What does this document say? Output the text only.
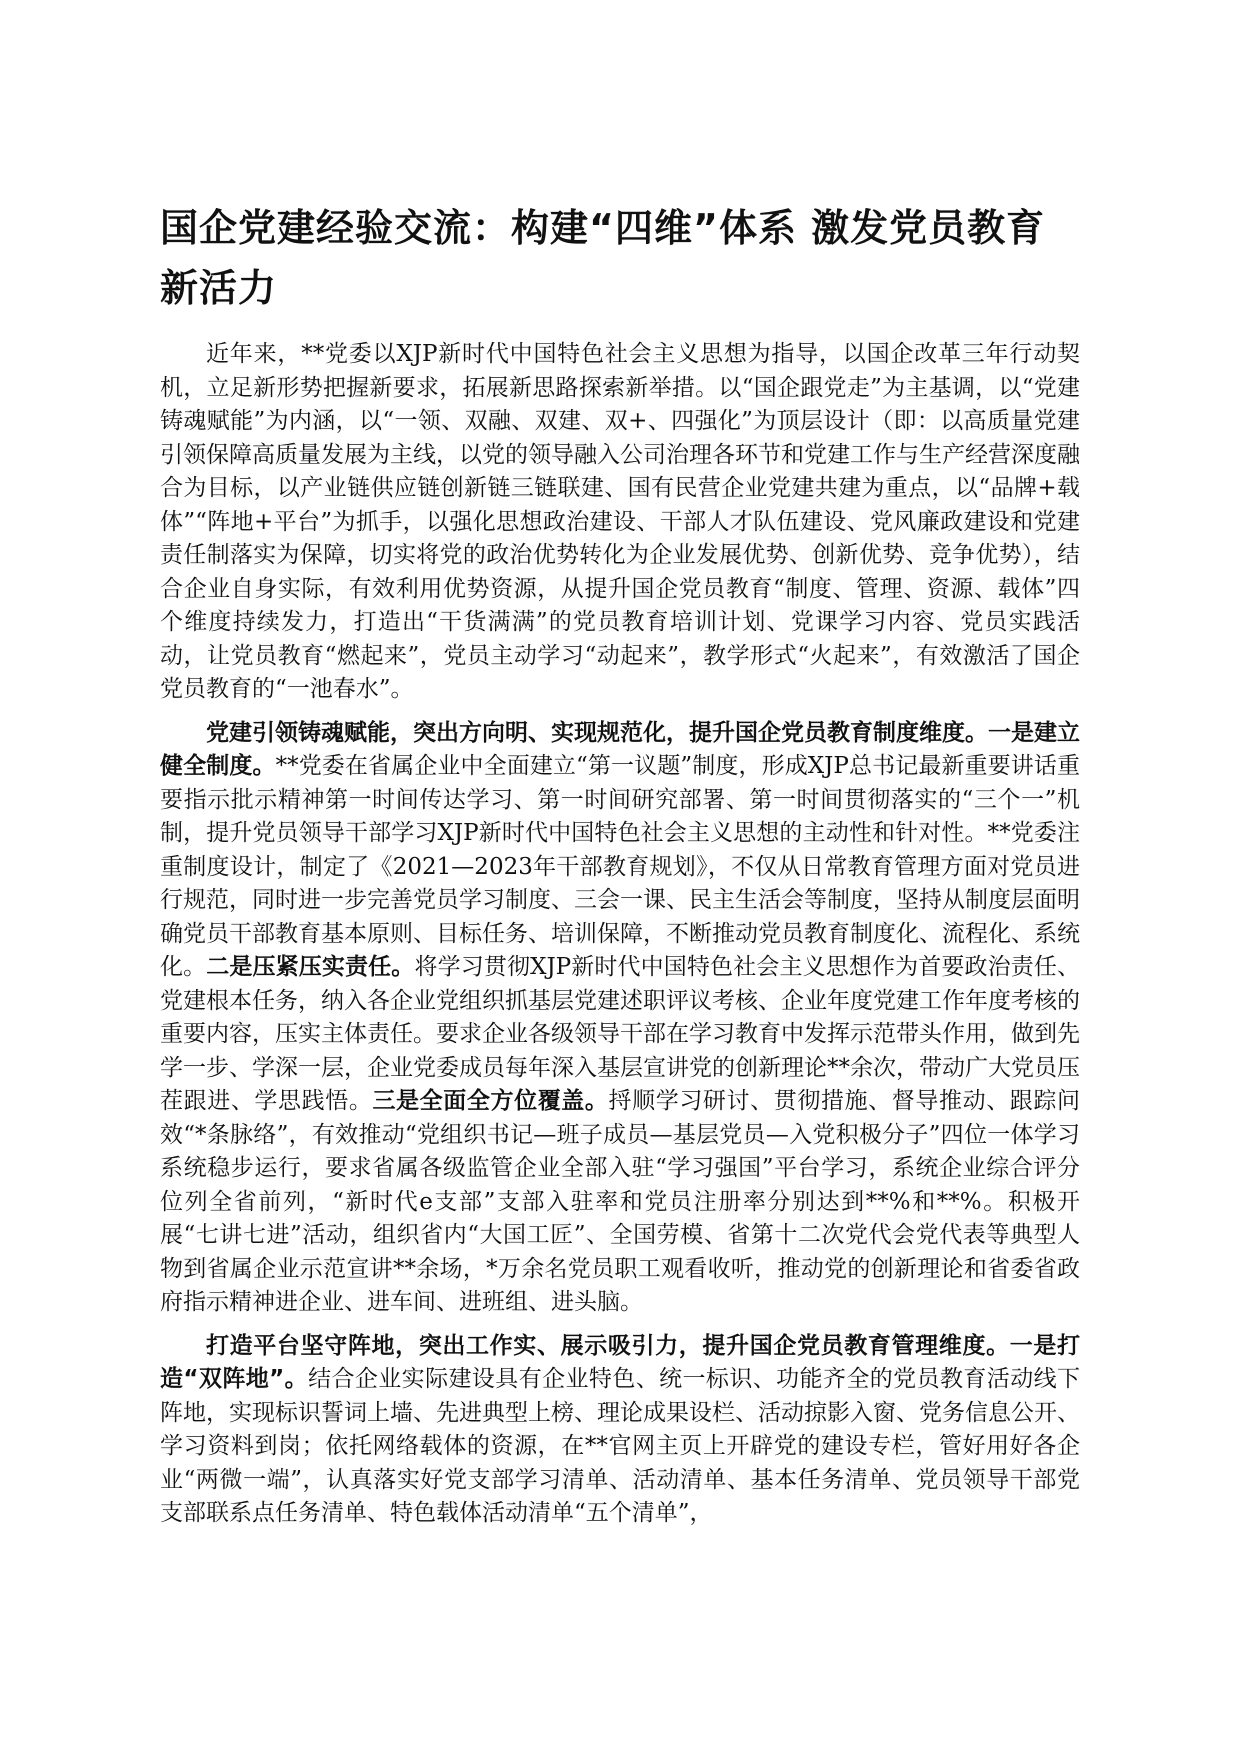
国企党建经验交流：构建“四维”体系 激发党员教育新活力

近年来，**党委以XJP新时代中国特色社会主义思想为指导，以国企改革三年行动契机，立足新形势把握新要求，拓展新思路探索新举措。以“国企跟党走”为主基调，以“党建铸魂赋能”为内涵，以“一领、双融、双建、双+、四强化”为顶层设计（即：以高质量党建引领保障高质量发展为主线，以党的领导融入公司治理各环节和党建工作与生产经营深度融合为目标，以产业链供应链创新链三链联建、国有民营企业党建共建为重点，以“品牌+载体”“阵地+平台”为抓手，以强化思想政治建设、干部人才队伍建设、党风廉政建设和党建责任制落实为保障，切实将党的政治优势转化为企业发展优势、创新优势、竞争优势），结合企业自身实际，有效利用优势资源，从提升国企党员教育“制度、管理、资源、载体”四个维度持续发力，打造出“干货满满”的党员教育培训计划、党课学习内容、党员实践活动，让党员教育“燃起来”，党员主动学习“动起来”，教学形式“火起来”，有效激活了国企党员教育的“一池春水”。

党建引领铸魂赋能，突出方向明、实现规范化，提升国企党员教育制度维度。一是建立健全制度。**党委在省属企业中全面建立“第一议题”制度，形成XJP总书记最新重要讲话重要指示批示精神第一时间传达学习、第一时间研究部署、第一时间贯彻落实的“三个一”机制，提升党员领导干部学习XJP新时代中国特色社会主义思想的主动性和针对性。**党委注重制度设计，制定了《2021—2023年干部教育规划》，不仅从日常教育管理方面对党员进行规范，同时进一步完善党员学习制度、三会一课、民主生活会等制度，坚持从制度层面明确党员干部教育基本原则、目标任务、培训保障，不断推动党员教育制度化、流程化、系统化。二是压紧压实责任。将学习贯彻XJP新时代中国特色社会主义思想作为首要政治责任、党建根本任务，纳入各企业党组织抓基层党建述职评议考核、企业年度党建工作年度考核的重要内容，压实主体责任。要求企业各级领导干部在学习教育中发挥示范带头作用，做到先学一步、学深一层，企业党委成员每年深入基层宣讲党的创新理论**余次，带动广大党员压茬跟进、学思践悟。三是全面全方位覆盖。捋顺学习研讨、贯彻措施、督导推动、跟踪问效“*条脉络”，有效推动“党组织书记—班子成员—基层党员—入党积极分子”四位一体学习系统稳步运行，要求省属各级监管企业全部入驻“学习强国”平台学习，系统企业综合评分位列全省前列，“新时代e支部”支部入驻率和党员注册率分别达到**%和**%。积极开展“七讲七进”活动，组织省内“大国工匠”、全国劳模、省第十二次党代会党代表等典型人物到省属企业示范宣讲**余场，*万余名党员职工观看收听，推动党的创新理论和省委省政府指示精神进企业、进车间、进班组、进头脑。

打造平台坚守阵地，突出工作实、展示吸引力，提升国企党员教育管理维度。一是打造“双阵地”。结合企业实际建设具有企业特色、统一标识、功能齐全的党员教育活动线下阵地，实现标识誓词上墙、先进典型上榜、理论成果设栏、活动掠影入窗、党务信息公开、学习资料到岗；依托网络载体的资源，在**官网主页上开辟党的建设专栏，管好用好各企业“两微一端”，认真落实好党支部学习清单、活动清单、基本任务清单、党员领导干部党支部联系点任务清单、特色载体活动清单“五个清单”，
